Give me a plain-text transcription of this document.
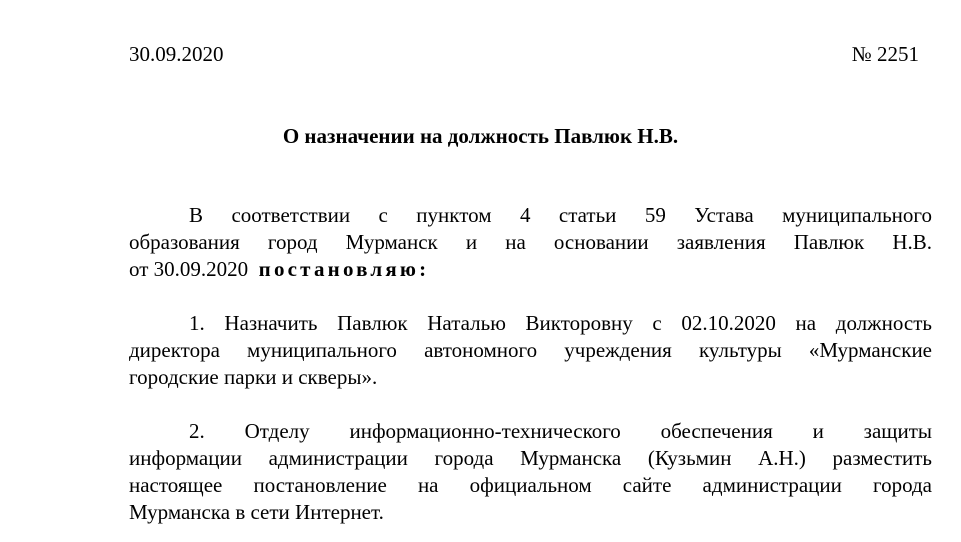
30.09.2020	№ 2251
О назначении на должность Павлюк Н.В.
В соответствии с пунктом 4 статьи 59 Устава муниципального
образования город Мурманск и на основании заявления Павлюк Н.В.
от 30.09.2020 постановляю:
1. Назначить Павлюк Наталью Викторовну с 02.10.2020 на должность
директора муниципального автономного учреждения культуры «Мурманские
городские парки и скверы».
2. Отделу информационно-технического обеспечения и защиты
информации администрации города Мурманска (Кузьмин А.Н.) разместить
настоящее постановление на официальном сайте администрации города
Мурманска в сети Интернет.
